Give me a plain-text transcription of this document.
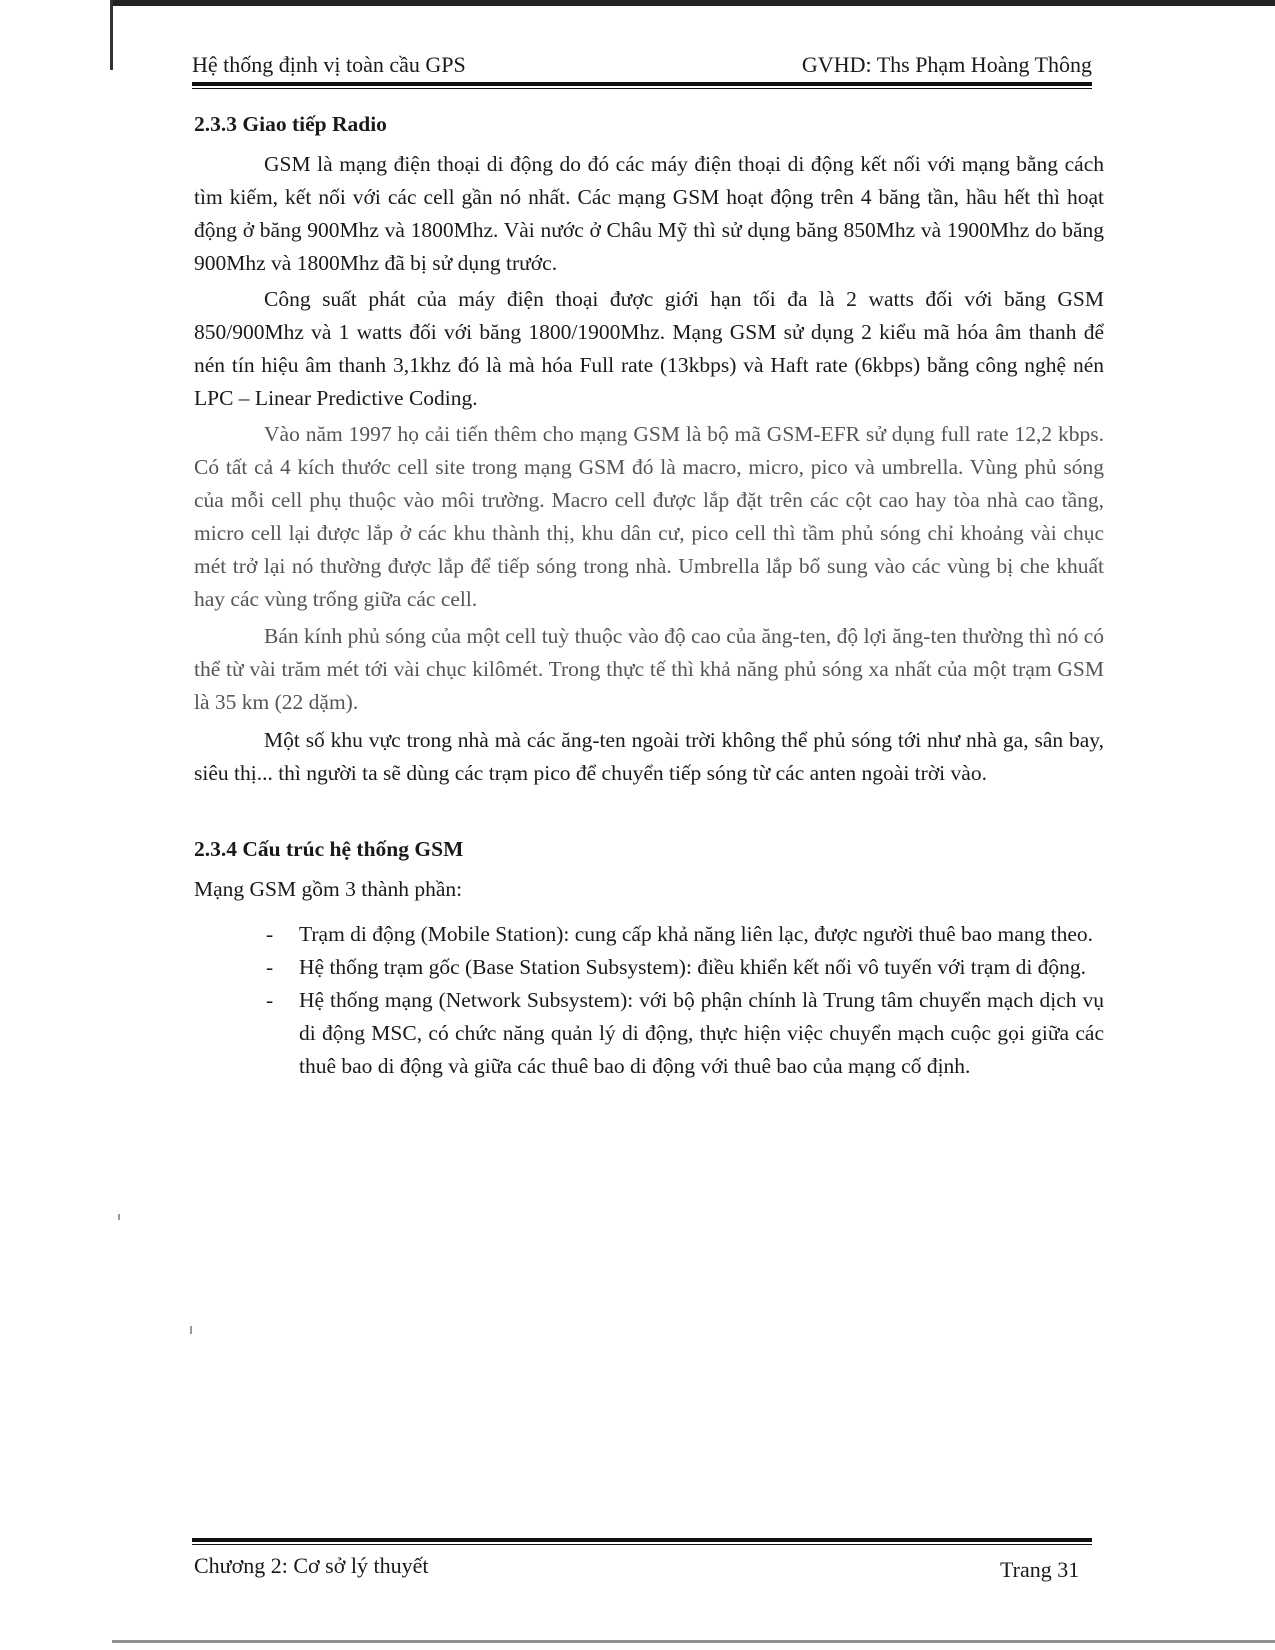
Hệ thống định vị toàn cầu GPS	GVHD: Ths Phạm Hoàng Thông
2.3.3 Giao tiếp Radio

GSM là mạng điện thoại di động do đó các máy điện thoại di động kết nối với mạng bằng cách tìm kiếm, kết nối với các cell gần nó nhất. Các mạng GSM hoạt động trên 4 băng tần, hầu hết thì hoạt động ở băng 900Mhz và 1800Mhz. Vài nước ở Châu Mỹ thì sử dụng băng 850Mhz và 1900Mhz do băng 900Mhz và 1800Mhz đã bị sử dụng trước.

Công suất phát của máy điện thoại được giới hạn tối đa là 2 watts đối với băng GSM 850/900Mhz và 1 watts đối với băng 1800/1900Mhz. Mạng GSM sử dụng 2 kiểu mã hóa âm thanh để nén tín hiệu âm thanh 3,1khz đó là mà hóa Full rate (13kbps) và Haft rate (6kbps) bằng công nghệ nén LPC – Linear Predictive Coding.

Vào năm 1997 họ cải tiến thêm cho mạng GSM là bộ mã GSM-EFR sử dụng full rate 12,2 kbps. Có tất cả 4 kích thước cell site trong mạng GSM đó là macro, micro, pico và umbrella. Vùng phủ sóng của mỗi cell phụ thuộc vào môi trường. Macro cell được lắp đặt trên các cột cao hay tòa nhà cao tầng, micro cell lại được lắp ở các khu thành thị, khu dân cư, pico cell thì tầm phủ sóng chỉ khoảng vài chục mét trở lại nó thường được lắp để tiếp sóng trong nhà. Umbrella lắp bổ sung vào các vùng bị che khuất hay các vùng trống giữa các cell.

Bán kính phủ sóng của một cell tuỳ thuộc vào độ cao của ăng-ten, độ lợi ăng-ten thường thì nó có thể từ vài trăm mét tới vài chục kilômét. Trong thực tế thì khả năng phủ sóng xa nhất của một trạm GSM là 35 km (22 dặm).

Một số khu vực trong nhà mà các ăng-ten ngoài trời không thể phủ sóng tới như nhà ga, sân bay, siêu thị... thì người ta sẽ dùng các trạm pico để chuyển tiếp sóng từ các anten ngoài trời vào.

2.3.4 Cấu trúc hệ thống GSM

Mạng GSM gồm 3 thành phần:

- Trạm di động (Mobile Station): cung cấp khả năng liên lạc, được người thuê bao mang theo.
- Hệ thống trạm gốc (Base Station Subsystem): điều khiển kết nối vô tuyến với trạm di động.
- Hệ thống mạng (Network Subsystem): với bộ phận chính là Trung tâm chuyển mạch dịch vụ di động MSC, có chức năng quản lý di động, thực hiện việc chuyển mạch cuộc gọi giữa các thuê bao di động và giữa các thuê bao di động với thuê bao của mạng cố định.
Chương 2: Cơ sở lý thuyết	Trang 31
